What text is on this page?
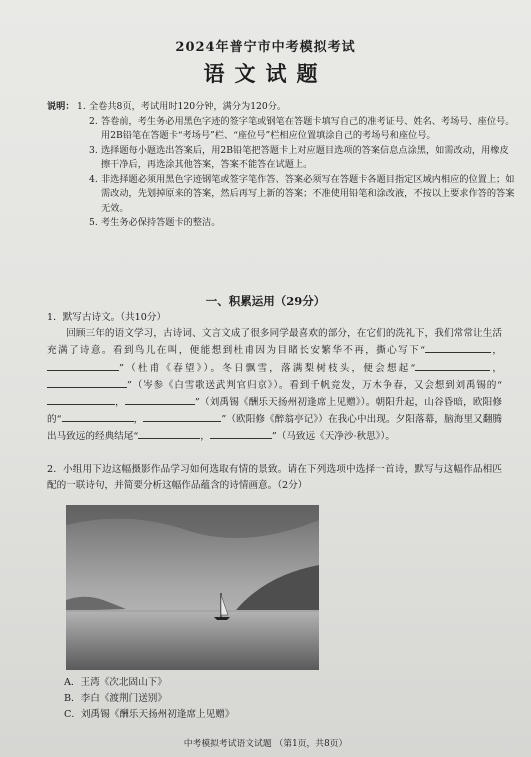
2024年普宁市中考模拟考试
语文试题
说明： 1. 全卷共8页，考试用时120分钟，满分为120分。
2. 答卷前，考生务必用黑色字迹的签字笔或钢笔在答题卡填写自己的准考证号、姓名、考场号、座位号。用2B铅笔在答题卡“考场号”栏、“座位号”栏相应位置填涂自己的考场号和座位号。
3. 选择题每小题选出答案后，用2B铅笔把答题卡上对应题目选项的答案信息点涂黑，如需改动，用橡皮擦干净后，再选涂其他答案，答案不能答在试题上。
4. 非选择题必须用黑色字迹钢笔或签字笔作答、答案必须写在答题卡各题目指定区域内相应的位置上；如需改动，先划掉原来的答案，然后再写上新的答案；不准使用铅笔和涂改液，不按以上要求作答的答案无效。
5. 考生务必保持答题卡的整洁。
一、积累运用（29分）
1．默写古诗文。（共10分）
回顾三年的语文学习，古诗词、文言文成了很多同学最喜欢的部分，在它们的洗礼下，我们常常让生活充满了诗意。看到鸟儿在叫，便能想到杜甫因为目睹长安繁华不再，撕心写下“	，”（杜甫《春望》）。冬日飘雪，落满梨树枝头，便会想起“	，”（岑参《白雪歌送武判官归京》）。看到千帆竞发，万木争春，又会想到刘禹锡的“，	”（刘禹锡《酬乐天扬州初逢席上见赠》）。朝阳升起，山谷昏暗，欧阳修的“	，	”（欧阳修《醉翁亭记》）在我心中出现。夕阳落幕，脑海里又翻腾出马致远的经典结尾“	，	”（马致远《天净沙·秋思》）。
2．小组用下边这幅摄影作品学习如何选取有情的景致。请在下列选项中选择一首诗，默写与这幅作品相匹配的一联诗句，并简要分析这幅作品蕴含的诗情画意。（2分）
A．王湾《次北固山下》
B．李白《渡荆门送别》
C．刘禹锡《酬乐天扬州初逢席上见赠》
中考模拟考试语文试题 （第1页，共8页）
